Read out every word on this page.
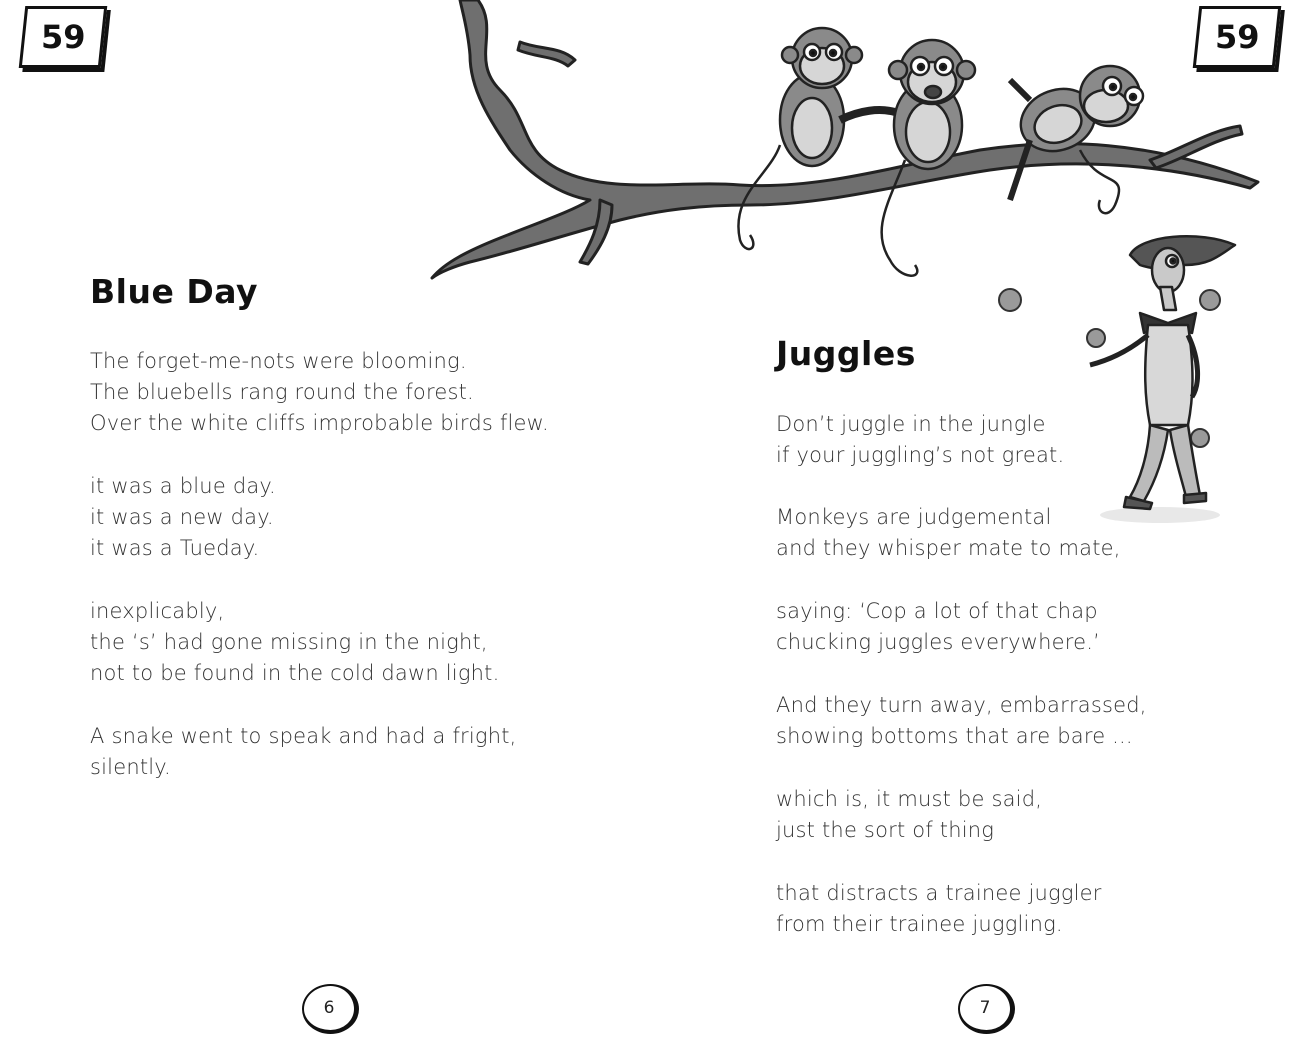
59
Blue Day
The forget-me-nots were blooming.
The bluebells rang round the forest.
Over the white cliffs improbable birds flew.
it was a blue day.
it was a new day.
it was a Tueday.
inexplicably,
the ‘s’ had gone missing in the night,
not to be found in the cold dawn light.
A snake went to speak and had a fright,
silently.
6
59
Juggles
Don’t juggle in the jungle
if your juggling’s not great.
Monkeys are judgemental
and they whisper mate to mate,
saying: ‘Cop a lot of that chap
chucking juggles everywhere.’
And they turn away, embarrassed,
showing bottoms that are bare ...
which is, it must be said,
just the sort of thing
that distracts a trainee juggler
from their trainee juggling.
7
